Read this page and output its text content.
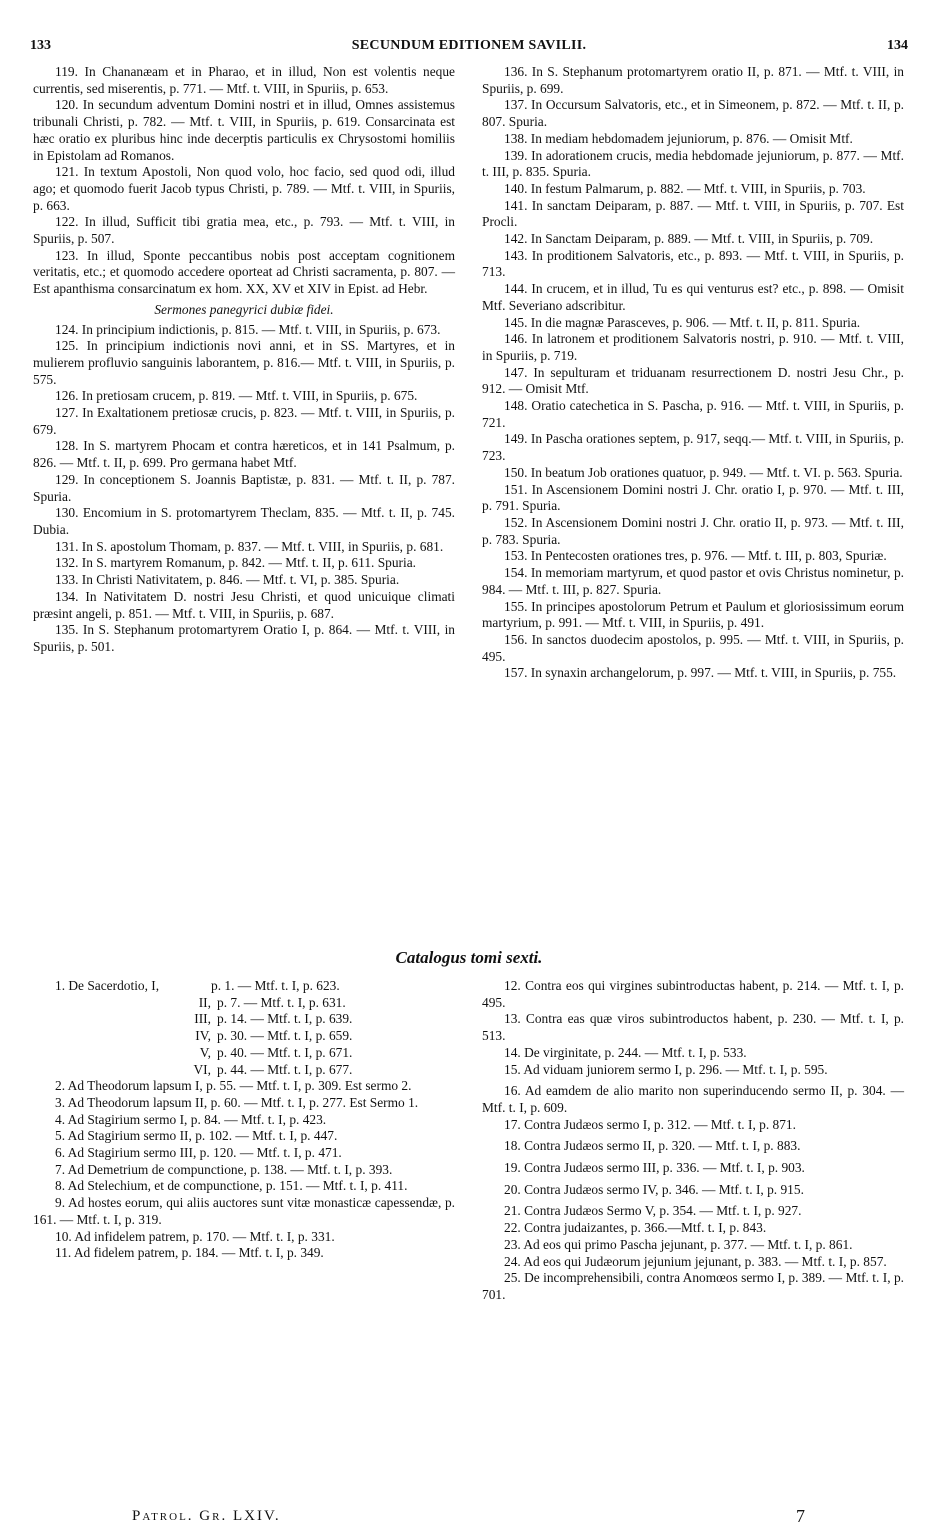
133	SECUNDUM EDITIONEM SAVILII.	134

119. In Chananæam et in Pharao, et in illud, Non est volentis neque currentis, sed miserentis, p. 771. — Mtf. t. VIII, in Spuriis, p. 653.

120. In secundum adventum Domini nostri et in illud, Omnes assistemus tribunali Christi, p. 782. — Mtf. t. VIII, in Spuriis, p. 619. Consarcinata est hæc oratio ex pluribus hinc inde decerptis particulis ex Chrysostomi homiliis in Epistolam ad Romanos.

121. In textum Apostoli, Non quod volo, hoc facio, sed quod odi, illud ago; et quomodo fuerit Jacob typus Christi, p. 789. — Mtf. t. VIII, in Spuriis, p. 663.

122. In illud, Sufficit tibi gratia mea, etc., p. 793. — Mtf. t. VIII, in Spuriis, p. 507.

123. In illud, Sponte peccantibus nobis post acceptam cognitionem veritatis, etc.; et quomodo accedere oporteat ad Christi sacramenta, p. 807. — Est apanthisma consarcinatum ex hom. XX, XV et XIV in Epist. ad Hebr.

Sermones panegyrici dubiæ fidei.

124. In principium indictionis, p. 815. — Mtf. t. VIII, in Spuriis, p. 673.

125. In principium indictionis novi anni, et in SS. Martyres, et in mulierem profluvio sanguinis laborantem, p. 816.— Mtf. t. VIII, in Spuriis, p. 575.

126. In pretiosam crucem, p. 819. — Mtf. t. VIII, in Spuriis, p. 675.

127. In Exaltationem pretiosæ crucis, p. 823. — Mtf. t. VIII, in Spuriis, p. 679.

128. In S. martyrem Phocam et contra hæreticos, et in 141 Psalmum, p. 826. — Mtf. t. II, p. 699. Pro germana habet Mtf.

129. In conceptionem S. Joannis Baptistæ, p. 831. — Mtf. t. II, p. 787. Spuria.

130. Encomium in S. protomartyrem Theclam, 835. — Mtf. t. II, p. 745. Dubia.

131. In S. apostolum Thomam, p. 837. — Mtf. t. VIII, in Spuriis, p. 681.

132. In S. martyrem Romanum, p. 842. — Mtf. t. II, p. 611. Spuria.

133. In Christi Nativitatem, p. 846. — Mtf. t. VI, p. 385. Spuria.

134. In Nativitatem D. nostri Jesu Christi, et quod unicuique climati præsint angeli, p. 851. — Mtf. t. VIII, in Spuriis, p. 687.

135. In S. Stephanum protomartyrem Oratio I, p. 864. — Mtf. t. VIII, in Spuriis, p. 501.

136. In S. Stephanum protomartyrem oratio II, p. 871. — Mtf. t. VIII, in Spuriis, p. 699.

137. In Occursum Salvatoris, etc., et in Simeonem, p. 872. — Mtf. t. II, p. 807. Spuria.

138. In mediam hebdomadem jejuniorum, p. 876. — Omisit Mtf.

139. In adorationem crucis, media hebdomade jejuniorum, p. 877. — Mtf. t. III, p. 835. Spuria.

140. In festum Palmarum, p. 882. — Mtf. t. VIII, in Spuriis, p. 703.

141. In sanctam Deiparam, p. 887. — Mtf. t. VIII, in Spuriis, p. 707. Est Procli.

142. In Sanctam Deiparam, p. 889. — Mtf. t. VIII, in Spuriis, p. 709.

143. In proditionem Salvatoris, etc., p. 893. — Mtf. t. VIII, in Spuriis, p. 713.

144. In crucem, et in illud, Tu es qui venturus est? etc., p. 898. — Omisit Mtf. Severiano adscribitur.

145. In die magnæ Parasceves, p. 906. — Mtf. t. II, p. 811. Spuria.

146. In latronem et proditionem Salvatoris nostri, p. 910. — Mtf. t. VIII, in Spuriis, p. 719.

147. In sepulturam et triduanam resurrectionem D. nostri Jesu Chr., p. 912. — Omisit Mtf.

148. Oratio catechetica in S. Pascha, p. 916. — Mtf. t. VIII, in Spuriis, p. 721.

149. In Pascha orationes septem, p. 917, seqq.— Mtf. t. VIII, in Spuriis, p. 723.

150. In beatum Job orationes quatuor, p. 949. — Mtf. t. VI. p. 563. Spuria.

151. In Ascensionem Domini nostri J. Chr. oratio I, p. 970. — Mtf. t. III, p. 791. Spuria.

152. In Ascensionem Domini nostri J. Chr. oratio II, p. 973. — Mtf. t. III, p. 783. Spuria.

153. In Pentecosten orationes tres, p. 976. — Mtf. t. III, p. 803, Spuriæ.

154. In memoriam martyrum, et quod pastor et ovis Christus nominetur, p. 984. — Mtf. t. III, p. 827. Spuria.

155. In principes apostolorum Petrum et Paulum et gloriosissimum eorum martyrium, p. 991. — Mtf. t. VIII, in Spuriis, p. 491.

156. In sanctos duodecim apostolos, p. 995. — Mtf. t. VIII, in Spuriis, p. 495.

157. In synaxin archangelorum, p. 997. — Mtf. t. VIII, in Spuriis, p. 755.

Catalogus tomi sexti.
1. De Sacerdotio, I,	p. 1. — Mtf. t. I, p. 623.
II, p. 7. — Mtf. t. I, p. 631.
III, p. 14. — Mtf. t. I, p. 639.
IV, p. 30. — Mtf. t. I, p. 659.
V, p. 40. — Mtf. t. I, p. 671.
VI, p. 44. — Mtf. t. I, p. 677.

2. Ad Theodorum lapsum I, p. 55. — Mtf. t. I, p. 309. Est sermo 2.

3. Ad Theodorum lapsum II, p. 60. — Mtf. t. I, p. 277. Est Sermo 1.

4. Ad Stagirium sermo I, p. 84. — Mtf. t. I, p. 423.

5. Ad Stagirium sermo II, p. 102. — Mtf. t. I, p. 447.

6. Ad Stagirium sermo III, p. 120. — Mtf. t. I, p. 471.

7. Ad Demetrium de compunctione, p. 138. — Mtf. t. I, p. 393.

8. Ad Stelechium, et de compunctione, p. 151. — Mtf. t. I, p. 411.

9. Ad hostes eorum, qui aliis auctores sunt vitæ monasticæ capessendæ, p. 161. — Mtf. t. I, p. 319.

10. Ad infidelem patrem, p. 170. — Mtf. t. I, p. 331.

11. Ad fidelem patrem, p. 184. — Mtf. t. I, p. 349.

12. Contra eos qui virgines subintroductas habent, p. 214. — Mtf. t. I, p. 495.

13. Contra eas quæ viros subintroductos habent, p. 230. — Mtf. t. I, p. 513.

14. De virginitate, p. 244. — Mtf. t. I, p. 533.

15. Ad viduam juniorem sermo I, p. 296. — Mtf. t. I, p. 595.

16. Ad eamdem de alio marito non superinducendo sermo II, p. 304. — Mtf. t. I, p. 609.

17. Contra Judæos sermo I, p. 312. — Mtf. t. I, p. 871.

18. Contra Judæos sermo II, p. 320. — Mtf. t. I, p. 883.

19. Contra Judæos sermo III, p. 336. — Mtf. t. I, p. 903.

20. Contra Judæos sermo IV, p. 346. — Mtf. t. I, p. 915.

21. Contra Judæos Sermo V, p. 354. — Mtf. t. I, p. 927.

22. Contra judaizantes, p. 366.—Mtf. t. I, p. 843.

23. Ad eos qui primo Pascha jejunant, p. 377. — Mtf. t. I, p. 861.

24. Ad eos qui Judæorum jejunium jejunant, p. 383. — Mtf. t. I, p. 857.

25. De incomprehensibili, contra Anomœos sermo I, p. 389. — Mtf. t. I, p. 701.

Patrol. Gr. LXIV.	7
